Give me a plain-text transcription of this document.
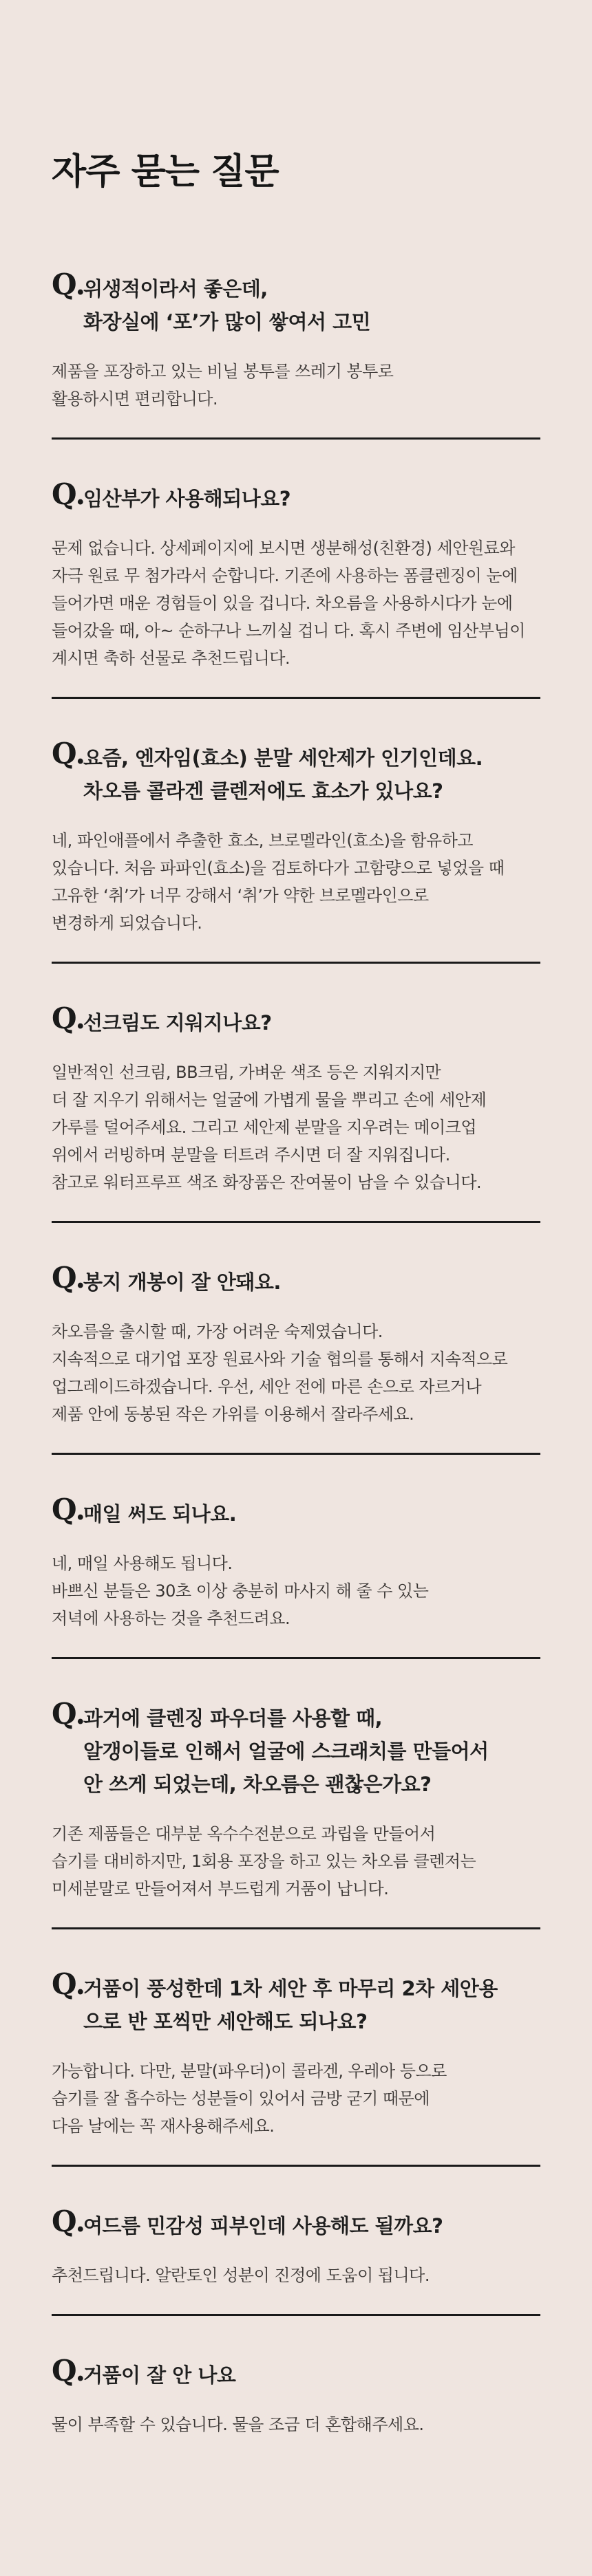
자주 묻는 질문
Q.
위생적이라서 좋은데,
화장실에 ‘포’가 많이 쌓여서 고민
제품을 포장하고 있는 비닐 봉투를 쓰레기 봉투로
활용하시면 편리합니다.
Q.
임산부가 사용해되나요?
문제 없습니다. 상세페이지에 보시면 생분해성(친환경) 세안원료와
자극 원료 무 첨가라서 순합니다. 기존에 사용하는 폼클렌징이 눈에
들어가면 매운 경험들이 있을 겁니다. 차오름을 사용하시다가 눈에
들어갔을 때, 아~ 순하구나 느끼실 겁니 다. 혹시 주변에 임산부님이
계시면 축하 선물로 추천드립니다.
Q.
요즘, 엔자임(효소) 분말 세안제가 인기인데요.
차오름 콜라겐 클렌저에도 효소가 있나요?
네, 파인애플에서 추출한 효소, 브로멜라인(효소)을 함유하고
있습니다. 처음 파파인(효소)을 검토하다가 고함량으로 넣었을 때
고유한 ‘취’가 너무 강해서 ‘취’가 약한 브로멜라인으로
변경하게 되었습니다.
Q.
선크림도 지워지나요?
일반적인 선크림, BB크림, 가벼운 색조 등은 지워지지만
더 잘 지우기 위해서는 얼굴에 가볍게 물을 뿌리고 손에 세안제
가루를 덜어주세요. 그리고 세안제 분말을 지우려는 메이크업
위에서 러빙하며 분말을 터트려 주시면 더 잘 지워집니다.
참고로 워터프루프 색조 화장품은 잔여물이 남을 수 있습니다.
Q.
봉지 개봉이 잘 안돼요.
차오름을 출시할 때, 가장 어려운 숙제였습니다.
지속적으로 대기업 포장 원료사와 기술 협의를 통해서 지속적으로
업그레이드하겠습니다. 우선, 세안 전에 마른 손으로 자르거나
제품 안에 동봉된 작은 가위를 이용해서 잘라주세요.
Q.
매일 써도 되나요.
네, 매일 사용해도 됩니다.
바쁘신 분들은 30초 이상 충분히 마사지 해 줄 수 있는
저녁에 사용하는 것을 추천드려요.
Q.
과거에 클렌징 파우더를 사용할 때,
알갱이들로 인해서 얼굴에 스크래치를 만들어서
안 쓰게 되었는데, 차오름은 괜찮은가요?
기존 제품들은 대부분 옥수수전분으로 과립을 만들어서
습기를 대비하지만, 1회용 포장을 하고 있는 차오름 클렌저는
미세분말로 만들어져서 부드럽게 거품이 납니다.
Q.
거품이 풍성한데 1차 세안 후 마무리 2차 세안용
으로 반 포씩만 세안해도 되나요?
가능합니다. 다만, 분말(파우더)이 콜라겐, 우레아 등으로
습기를 잘 흡수하는 성분들이 있어서 금방 굳기 때문에
다음 날에는 꼭 재사용해주세요.
Q.
여드름 민감성 피부인데 사용해도 될까요?
추천드립니다. 알란토인 성분이 진정에 도움이 됩니다.
Q.
거품이 잘 안 나요
물이 부족할 수 있습니다. 물을 조금 더 혼합해주세요.
